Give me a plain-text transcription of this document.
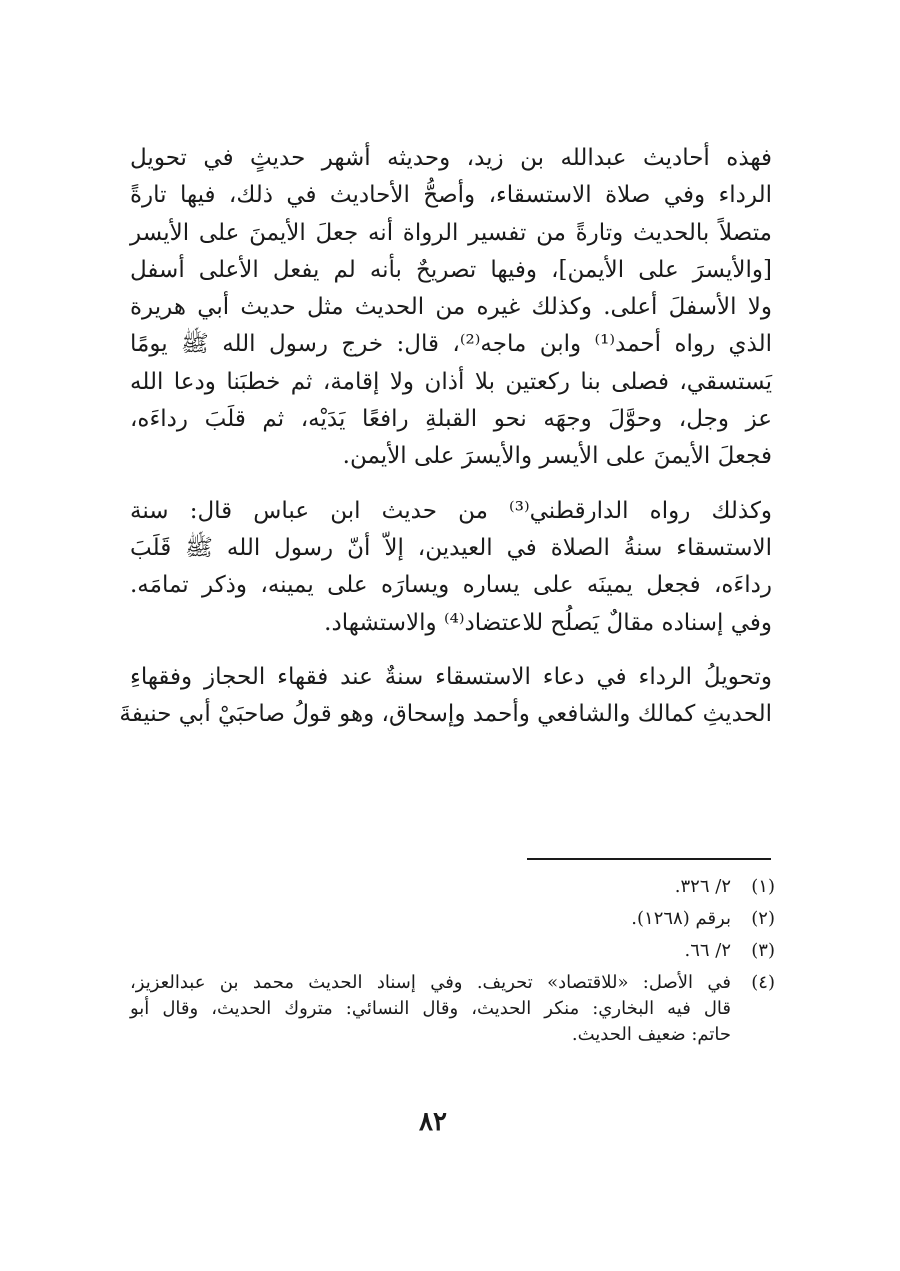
فهذه أحاديث عبدالله بن زيد، وحديثه أشهر حديثٍ في تحويل
الرداء وفي صلاة الاستسقاء، وأصحُّ الأحاديث في ذلك، فيها تارةً
متصلاً بالحديث وتارةً من تفسير الرواة أنه جعلَ الأيمنَ على الأيسر
[والأيسرَ على الأيمن]، وفيها تصريحٌ بأنه لم يفعل الأعلى أسفل
ولا الأسفلَ أعلى. وكذلك غيره من الحديث مثل حديث أبي هريرة
الذي رواه أحمد⁽¹⁾ وابن ماجه⁽²⁾، قال: خرج رسول الله ﷺ يومًا
يَستسقي، فصلى بنا ركعتين بلا أذان ولا إقامة، ثم خطبَنا ودعا الله
عز وجل، وحوَّلَ وجهَه نحو القبلةِ رافعًا يَدَيْه، ثم قلَبَ رداءَه،
فجعلَ الأيمنَ على الأيسر والأيسرَ على الأيمن.

وكذلك رواه الدارقطني⁽³⁾ من حديث ابن عباس قال: سنة
الاستسقاء سنةُ الصلاة في العيدين، إلاّ أنّ رسول الله ﷺ قَلَبَ
رداءَه، فجعل يمينَه على يساره ويسارَه على يمينه، وذكر تمامَه.
وفي إسناده مقالٌ يَصلُح للاعتضاد⁽⁴⁾ والاستشهاد.

وتحويلُ الرداء في دعاء الاستسقاء سنةٌ عند فقهاء الحجاز وفقهاءِ
الحديثِ كمالك والشافعي وأحمد وإسحاق، وهو قولُ صاحبَيْ أبي حنيفةَ

(١)
٢/ ٣٢٦.
(٢)
برقم (١٢٦٨).
(٣)
٢/ ٦٦.
(٤)
في الأصل: «للاقتصاد» تحريف. وفي إسناد الحديث محمد بن عبدالعزيز،
قال فيه البخاري: منكر الحديث، وقال النسائي: متروك الحديث، وقال أبو
حاتم: ضعيف الحديث.
٨٢
